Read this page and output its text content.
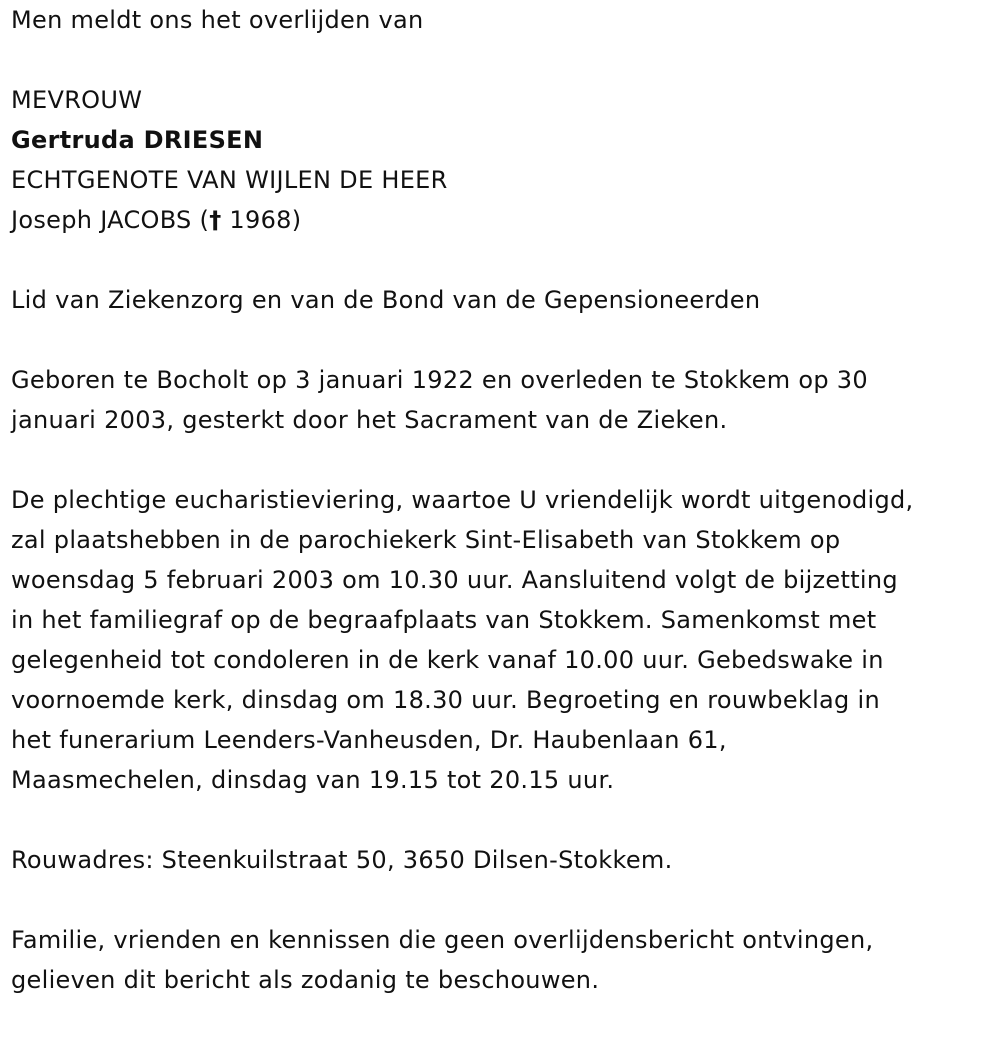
Men meldt ons het overlijden van

MEVROUW
Gertruda DRIESEN
ECHTGENOTE VAN WIJLEN DE HEER
Joseph JACOBS († 1968)

Lid van Ziekenzorg en van de Bond van de Gepensioneerden

Geboren te Bocholt op 3 januari 1922 en overleden te Stokkem op 30
januari 2003, gesterkt door het Sacrament van de Zieken.

De plechtige eucharistieviering, waartoe U vriendelijk wordt uitgenodigd,
zal plaatshebben in de parochiekerk Sint-Elisabeth van Stokkem op
woensdag 5 februari 2003 om 10.30 uur. Aansluitend volgt de bijzetting
in het familiegraf op de begraafplaats van Stokkem. Samenkomst met
gelegenheid tot condoleren in de kerk vanaf 10.00 uur. Gebedswake in
voornoemde kerk, dinsdag om 18.30 uur. Begroeting en rouwbeklag in
het funerarium Leenders-Vanheusden, Dr. Haubenlaan 61,
Maasmechelen, dinsdag van 19.15 tot 20.15 uur.

Rouwadres: Steenkuilstraat 50, 3650 Dilsen-Stokkem.

Familie, vrienden en kennissen die geen overlijdensbericht ontvingen,
gelieven dit bericht als zodanig te beschouwen.
